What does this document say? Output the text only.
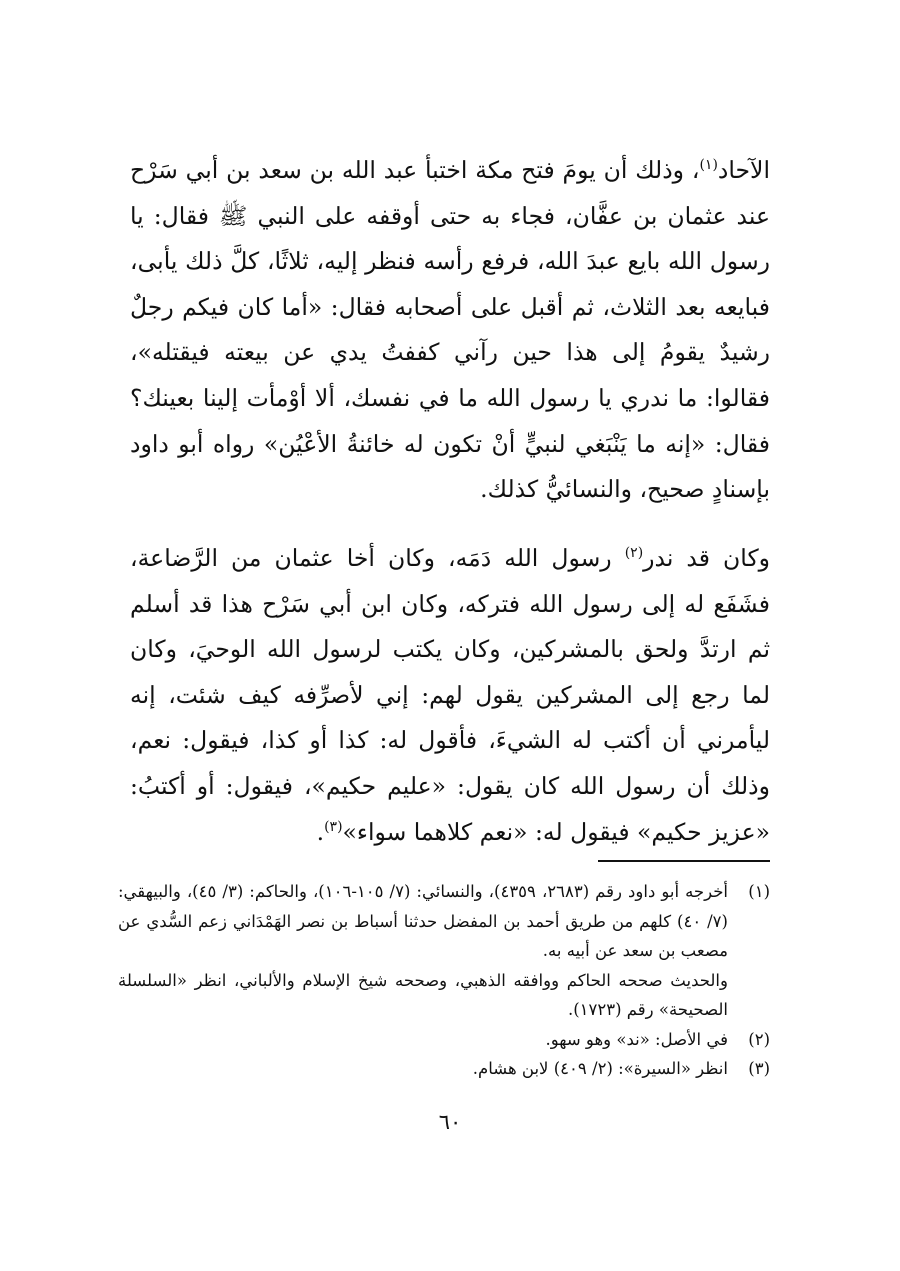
الآحاد$^{(١)}$، وذلك أن يومَ فتح مكة اختبأ عبد الله بن سعد بن أبي سَرْح عند عثمان بن عفَّان، فجاء به حتى أوقفه على النبي ﷺ فقال: يا رسول الله بايع عبدَ الله، فرفع رأسه فنظر إليه، ثلاثًا، كلَّ ذلك يأبى، فبايعه بعد الثلاث، ثم أقبل على أصحابه فقال: «أما كان فيكم رجلٌ رشيدٌ يقومُ إلى هذا حين رآني كففتُ يدي عن بيعته فيقتله»، فقالوا: ما ندري يا رسول الله ما في نفسك، ألا أوْمأت إلينا بعينك؟ فقال: «إنه ما يَنْبَغي لنبيٍّ أنْ تكون له خائنةُ الأعْيُن» رواه أبو داود بإسنادٍ صحيح، والنسائيُّ كذلك.

وكان قد ندر$^{(٢)}$ رسول الله دَمَه، وكان أخا عثمان من الرَّضاعة، فشَفَع له إلى رسول الله فتركه، وكان ابن أبي سَرْح هذا قد أسلم ثم ارتدَّ ولحق بالمشركين، وكان يكتب لرسول الله الوحيَ، وكان لما رجع إلى المشركين يقول لهم: إني لأصرِّفه كيف شئت، إنه ليأمرني أن أكتب له الشيءَ، فأقول له: كذا أو كذا، فيقول: نعم، وذلك أن رسول الله كان يقول: «عليم حكيم»، فيقول: أو أكتبُ: «عزيز حكيم» فيقول له: «نعم كلاهما سواء»$^{(٣)}$.

(١)
أخرجه أبو داود رقم (٢٦٨٣، ٤٣٥٩)، والنسائي: (٧/ ١٠٥-١٠٦)، والحاكم: (٣/ ٤٥)، والبيهقي: (٧/ ٤٠) كلهم من طريق أحمد بن المفضل حدثنا أسباط بن نصر الهَمْدَاني زعم السُّدي عن مصعب بن سعد عن أبيه به.
والحديث صححه الحاكم ووافقه الذهبي، وصححه شيخ الإسلام والألباني، انظر «السلسلة الصحيحة» رقم (١٧٢٣).
(٢)
في الأصل: «ند» وهو سهو.
(٣)
انظر «السيرة»: (٢/ ٤٠٩) لابن هشام.
٦٠
